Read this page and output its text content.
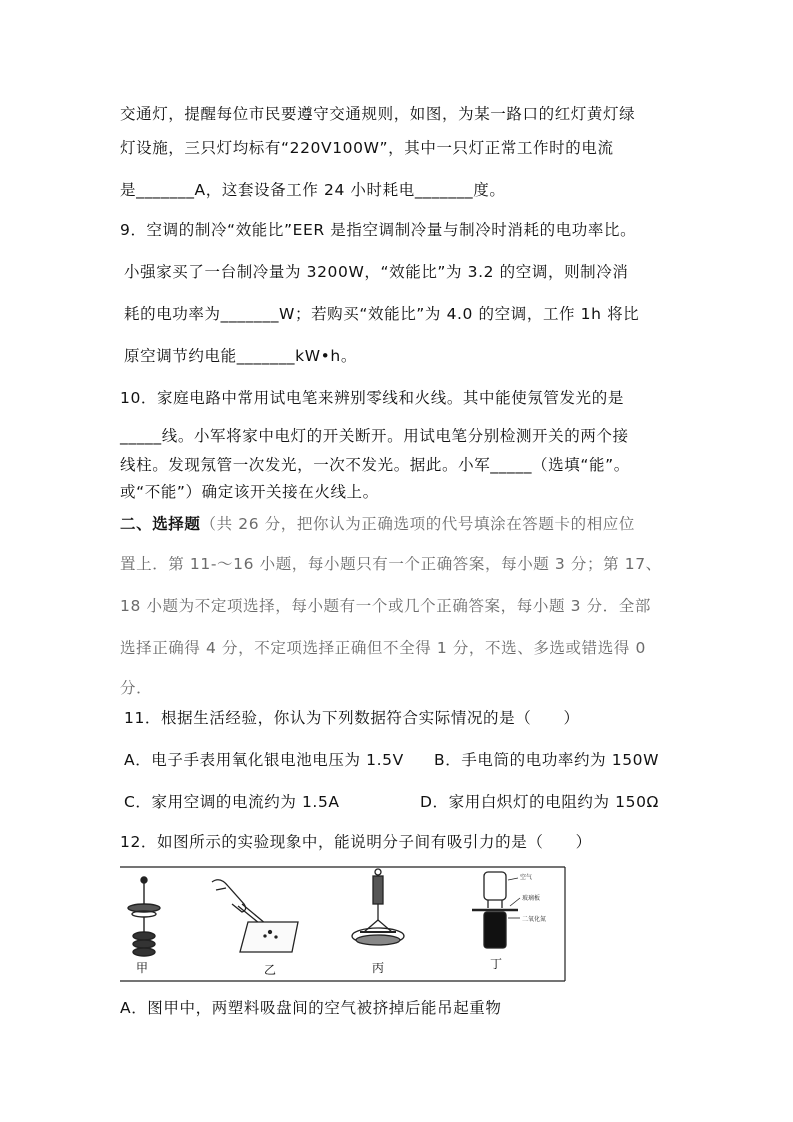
交通灯，提醒每位市民要遵守交通规则，如图，为某一路口的红灯黄灯绿
灯设施，三只灯均标有“220V100W”，其中一只灯正常工作时的电流
是_______A，这套设备工作 24 小时耗电_______度。
9．空调的制冷“效能比”EER 是指空调制冷量与制冷时消耗的电功率比。
小强家买了一台制冷量为 3200W，“效能比”为 3.2 的空调，则制冷消
耗的电功率为_______W；若购买“效能比”为 4.0 的空调，工作 1h 将比
原空调节约电能_______kW•h。
10．家庭电路中常用试电笔来辨别零线和火线。其中能使氖管发光的是
_____线。小军将家中电灯的开关断开。用试电笔分别检测开关的两个接
线柱。发现氖管一次发光，一次不发光。据此。小军_____（选填“能”。
或“不能”）确定该开关接在火线上。
二、选择题（共 26 分，把你认为正确选项的代号填涂在答题卡的相应位
置上．第 11-～16 小题，每小题只有一个正确答案，每小题 3 分；第 17、
18 小题为不定项选择，每小题有一个或几个正确答案，每小题 3 分．全部
选择正确得 4 分，不定项选择正确但不全得 1 分，不选、多选或错选得 0
分．
11．根据生活经验，你认为下列数据符合实际情况的是（　　）
A．电子手表用氧化银电池电压为 1.5V B．手电筒的电功率约为 150W
C．家用空调的电流约为 1.5A	D．家用白炽灯的电阻约为 150Ω
12．如图所示的实验现象中，能说明分子间有吸引力的是（　　）
空气
玻璃板
二氧化氮
甲	乙	丙	丁
A．图甲中，两塑料吸盘间的空气被挤掉后能吊起重物
